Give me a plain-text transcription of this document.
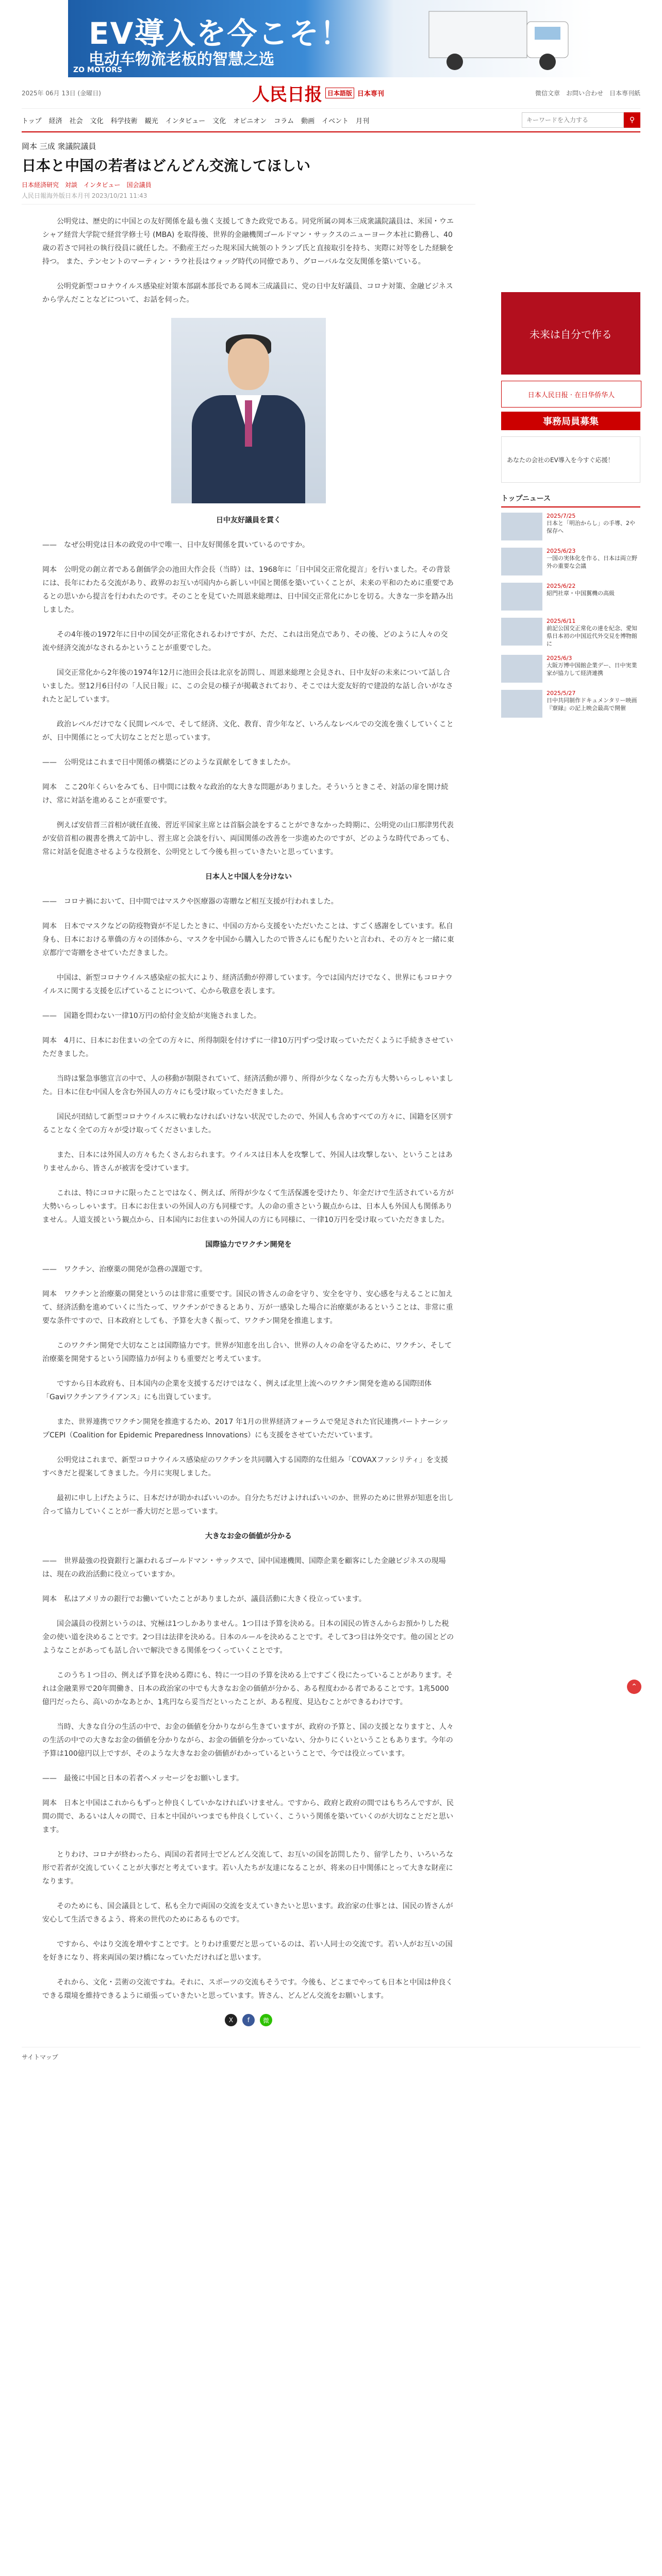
EV導入を今こそ！
电动车物流老板的智慧之选
ZO MOTORS
2025年 06月 13日 (金曜日)	人民日报 日本語版 日本専刊	微信文章 お問い合わせ 日本専刊紙
トップ 経済 社会 文化 科学技術 観光 インタビュー 文化 オピニオン コラム 動画 イベント 月刊
キーワードを入力する	⚲
岡本 三成 衆議院議員
日本と中国の若者はどんどん交流してほしい
日本経済研究 対談 インタビュー 国会議員
人民日報海外版日本月刊 2023/10/21 11:43

公明党は、歴史的に中国との友好関係を最も強く支援してきた政党である。同党所属の岡本三成衆議院議員は、米国・ウエシャア経営大学院で経営学修士号 (MBA) を取得後、世界的金融機関ゴールドマン・サックスのニューヨーク本社に勤務し、40歳の若さで同社の執行役員に就任した。不動産王だった現米国大統領のトランプ氏と直接取引を持ち、実際に対等をした経験を持つ。 また、テンセントのマーティン・ラウ社長はウォッグ時代の同僚であり、グローバルな交友関係を築いている。

公明党新型コロナウイルス感染症対策本部副本部長である岡本三成議員に、党の日中友好議員、コロナ対策、金融ビジネスから学んだことなどについて、お話を伺った。

日中友好議員を貫く

——　なぜ公明党は日本の政党の中で唯一、日中友好関係を貫いているのですか。

岡本　公明党の創立者である創価学会の池田大作会長（当時）は、1968年に「日中国交正常化提言」を行いました。その背景には、長年にわたる交流があり、政界のお互いが国内から新しい中国と関係を築いていくことが、未来の平和のために重要であるとの思いから提言を行われたのです。そのことを見ていた周恩来総理は、日中国交正常化にかじを切る。大きな一歩を踏み出しました。

その4年後の1972年に日中の国交が正常化されるわけですが、ただ、これは出発点であり、その後、どのように人々の交流や経済交流がなされるかということが重要でした。

国交正常化から2年後の1974年12月に池田会長は北京を訪問し、周恩来総理と会見され、日中友好の未来について話し合いました。翌12月6日付の「人民日報」に、この会見の様子が掲載されており、そこでは大変友好的で建設的な話し合いがなされたと記しています。

政治レベルだけでなく民間レベルで、そして経済、文化、教育、青少年など、いろんなレベルでの交流を強くしていくことが、日中関係にとって大切なことだと思っています。

——　公明党はこれまで日中関係の構築にどのような貢献をしてきましたか。

岡本　ここ20年くらいをみても、日中間には数々な政治的な大きな問題がありました。そういうときこそ、対話の扉を開け続け、常に対話を進めることが重要です。

例えば安倍晋三首相が就任直後、習近平国家主席とは首脳会談をすることができなかった時期に、公明党の山口那津男代表が安倍首相の親書を携えて訪中し、習主席と会談を行い、両国関係の改善を一歩進めたのですが、どのような時代であっても、常に対話を促進させるような役割を、公明党として今後も担っていきたいと思っています。

日本人と中国人を分けない

——　コロナ禍において、日中間ではマスクや医療器の寄贈など相互支援が行われました。

岡本　日本でマスクなどの防疫物資が不足したときに、中国の方から支援をいただいたことは、すごく感謝をしています。私自身も、日本における華僑の方々の団体から、マスクを中国から購入したので皆さんにも配りたいと言われ、その方々と一緒に東京都庁で寄贈をさせていただきました。

中国は、新型コロナウイルス感染症の拡大により、経済活動が停滞しています。今では国内だけでなく、世界にもコロナウイルスに関する支援を広げていることについて、心から敬意を表します。

——　国籍を問わない一律10万円の給付金支給が実施されました。

岡本　4月に、日本にお住まいの全ての方々に、所得制限を付けずに一律10万円ずつ受け取っていただくように手続きさせていただきました。

当時は緊急事態宣言の中で、人の移動が制限されていて、経済活動が滞り、所得が少なくなった方も大勢いらっしゃいました。日本に住む中国人を含む外国人の方々にも受け取っていただきました。

国民が団結して新型コロナウイルスに戦わなければいけない状況でしたので、外国人も含めすべての方々に、国籍を区別することなく全ての方々が受け取ってくださいました。

また、日本には外国人の方々もたくさんおられます。ウイルスは日本人を攻撃して、外国人は攻撃しない、ということはありませんから、皆さんが被害を受けています。

これは、特にコロナに限ったことではなく、例えば、所得が少なくて生活保護を受けたり、年金だけで生活されている方が大勢いらっしゃいます。日本にお住まいの外国人の方も同様です。人の命の重さという観点からは、日本人も外国人も関係ありません。人道支援という観点から、日本国内にお住まいの外国人の方にも同様に、一律10万円を受け取っていただきました。

国際協力でワクチン開発を

——　ワクチン、治療薬の開発が急務の課題です。

岡本　ワクチンと治療薬の開発というのは非常に重要です。国民の皆さんの命を守り、安全を守り、安心感を与えることに加えて、経済活動を進めていくに当たって、ワクチンができるとあり、万が一感染した場合に治療薬があるということは、非常に重要な条件ですので、日本政府としても、予算を大きく振って、ワクチン開発を推進します。

このワクチン開発で大切なことは国際協力です。世界が知恵を出し合い、世界の人々の命を守るために、ワクチン、そして治療薬を開発するという国際協力が何よりも重要だと考えています。

ですから日本政府も、日本国内の企業を支援するだけではなく、例えば北里上流へのワクチン開発を進める国際団体「Gaviワクチンアライアンス」にも出資しています。

また、世界連携でワクチン開発を推進するため、2017 年1月の世界経済フォーラムで発足された官民連携パートナーシップCEPI（Coalition for Epidemic Preparedness Innovations）にも支援をさせていただいています。

公明党はこれまで、新型コロナウイルス感染症のワクチンを共同購入する国際的な仕組み「COVAXファシリティ」を支援すべきだと提案してきました。今月に実現しました。

最初に申し上げたように、日本だけが助かればいいのか。自分たちだけよければいいのか、世界のために世界が知恵を出し合って協力していくことが一番大切だと思っています。

大きなお金の価値が分かる

——　世界最強の投資銀行と謳われるゴールドマン・サックスで、国中国連機関、国際企業を顧客にした金融ビジネスの現場は、現在の政治活動に役立っていますか。

岡本　私はアメリカの銀行でお働いていたことがありましたが、議員活動に大きく役立っています。

国会議員の役割というのは、究極は1つしかありません。1つ目は予算を決める。日本の国民の皆さんからお預かりした税金の使い道を決めることです。2つ目は法律を決める。日本のルールを決めることです。そして3つ目は外交です。他の国とどのようなことがあっても話し合いで解決できる関係をつくっていくことです。

このうち１つ目の、例えば予算を決める際にも、特に一つ目の予算を決める上ですごく役にたっていることがあります。それは金融業界で20年間働き、日本の政治家の中でも大きなお金の価値が分かる、ある程度わかる者であることです。1兆5000億円だったら、高いのかなあとか、1兆円なら妥当だといったことが、ある程度、見込むことができるわけです。

当時、大きな自分の生活の中で、お金の価値を分かりながら生きていますが、政府の予算と、国の支援となりますと、人々の生活の中での大きなお金の価値を分かりながら、お金の価値を分かっていない、分かりにくいということもあります。今年の予算は100億円以上ですが、そのような大きなお金の価値がわかっているということで、今では役立っています。

——　最後に中国と日本の若者へメッセージをお願いします。

岡本　日本と中国はこれからもずっと仲良くしていかなければいけません。ですから、政府と政府の間ではもちろんですが、民間の間で、あるいは人々の間で、日本と中国がいつまでも仲良くしていく、こういう関係を築いていくのが大切なことだと思います。

とりわけ、コロナが終わったら、両国の若者同士でどんどん交流して、お互いの国を訪問したり、留学したり、いろいろな形で若者が交流していくことが大事だと考えています。若い人たちが友達になることが、将来の日中関係にとって大きな財産になります。

そのためにも、国会議員として、私も全力で両国の交流を支えていきたいと思います。政治家の仕事とは、国民の皆さんが安心して生活できるよう、将来の世代のためにあるものです。

ですから、やはり交流を増やすことです。とりわけ重要だと思っているのは、若い人同士の交流です。若い人がお互いの国を好きになり、将来両国の架け橋になっていただければと思います。

それから、文化・芸術の交流ですね。それに、スポーツの交流もそうです。今後も、どこまでやっても日本と中国は仲良くできる環境を維持できるように頑張っていきたいと思っています。皆さん、どんどん交流をお願いします。

X	f	微
未来は自分で作る
日本人民日报 · 在日华侨华人
事務局員募集
あなたの会社のEV導入を今すぐ応援！
トップニュース
2025/7/25
日本と「明治からし」の手導、2や保存へ
2025/6/23
一国の実体化を作る、日本は両立野外の重要な会議
2025/6/22
紹門社章・中国翼機の高級
2025/6/11
前記公国交正常化の達を紀念、愛知県日本初の中国近代外交見を博物館に
2025/6/3
大阪万博中国館企業デー、日中実業家が協力して経済連携
2025/5/27
日中共同制作ドキュメンタリー映画『寮縁』の記上映会最高で開催
サイトマップ
⌃
